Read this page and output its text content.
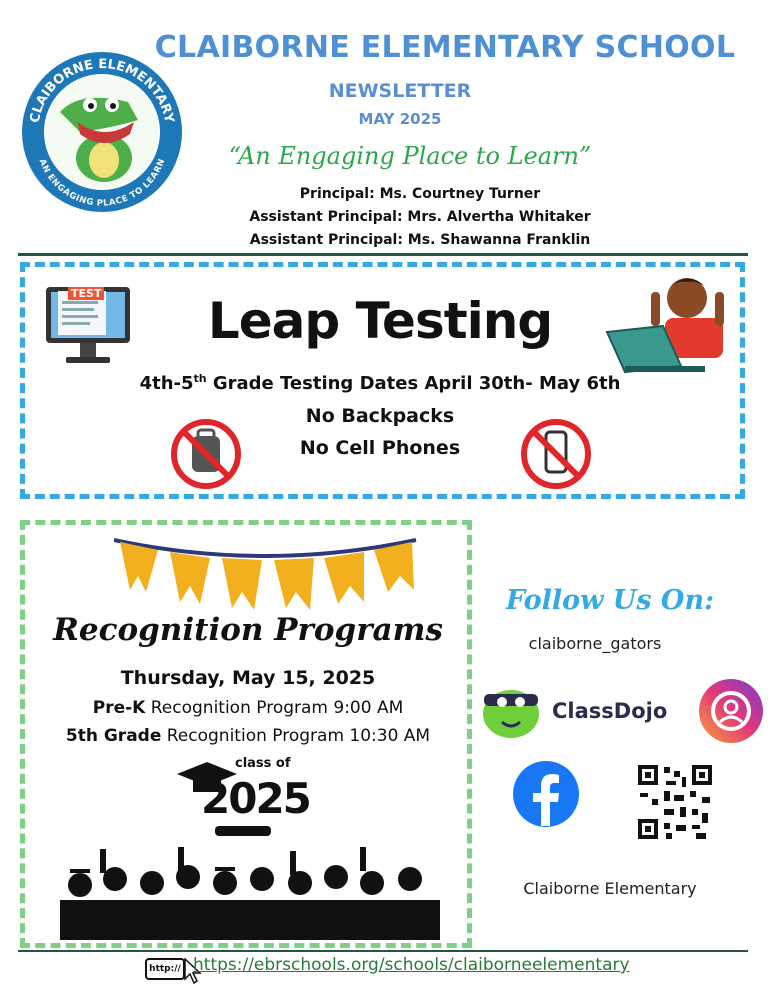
CLAIBORNE ELEMENTARY
AN ENGAGING PLACE TO LEARN
CLAIBORNE ELEMENTARY SCHOOL
NEWSLETTER
MAY 2025
“An Engaging Place to Learn”
Principal: Ms. Courtney Turner
Assistant Principal: Mrs. Alvertha Whitaker
Assistant Principal: Ms. Shawanna Franklin
TEST	Leap Testing
4th-5th Grade Testing Dates April 30th- May 6th
No Backpacks
No Cell Phones
Recognition Programs
Thursday, May 15, 2025
Pre-K Recognition Program 9:00 AM
5th Grade Recognition Program 10:30 AM
class of
2025
Follow Us On:
claiborne_gators
ClassDojo
Claiborne Elementary
http:// https://ebrschools.org/schools/claiborneelementary
